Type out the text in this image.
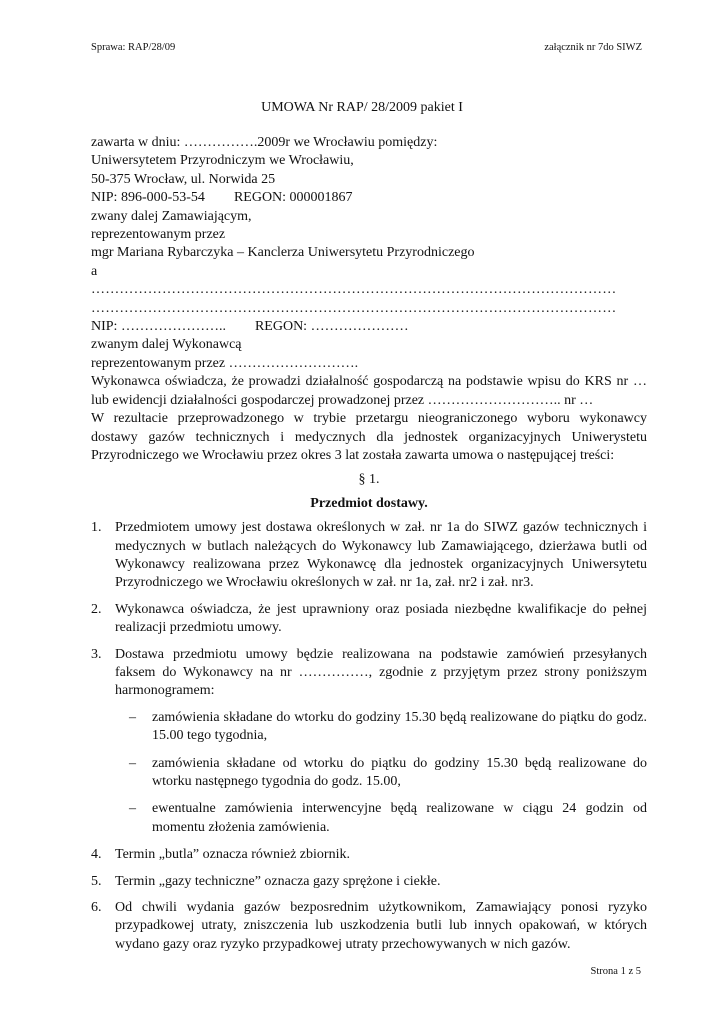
Sprawa: RAP/28/09	załącznik nr 7do SIWZ
UMOWA Nr RAP/ 28/2009 pakiet I
zawarta w dniu: …………….2009r we Wrocławiu pomiędzy:
Uniwersytetem Przyrodniczym we Wrocławiu,
50-375 Wrocław, ul. Norwida 25
NIP: 896-000-53-54 REGON: 000001867
zwany dalej Zamawiającym,
reprezentowanym przez
mgr Mariana Rybarczyka – Kanclerza Uniwersytetu Przyrodniczego
a
…………………………………………………………………………………………………
…………………………………………………………………………………………………
NIP: ………………….. REGON: …………………
zwanym dalej Wykonawcą
reprezentowanym przez ……………………….
Wykonawca oświadcza, że prowadzi działalność gospodarczą na podstawie wpisu do KRS nr … lub ewidencji działalności gospodarczej prowadzonej przez ……………………….. nr …
W rezultacie przeprowadzonego w trybie przetargu nieograniczonego wyboru wykonawcy dostawy gazów technicznych i medycznych dla jednostek organizacyjnych Uniwerystetu Przyrodniczego we Wrocławiu przez okres 3 lat została zawarta umowa o następującej treści:
§ 1.
Przedmiot dostawy.
1. Przedmiotem umowy jest dostawa określonych w zał. nr 1a do SIWZ gazów technicznych i medycznych w butlach należących do Wykonawcy lub Zamawiającego, dzierżawa butli od Wykonawcy realizowana przez Wykonawcę dla jednostek organizacyjnych Uniwersytetu Przyrodniczego we Wrocławiu określonych w zał. nr 1a, zał. nr2 i zał. nr3.
2. Wykonawca oświadcza, że jest uprawniony oraz posiada niezbędne kwalifikacje do pełnej realizacji przedmiotu umowy.
3. Dostawa przedmiotu umowy będzie realizowana na podstawie zamówień przesyłanych faksem do Wykonawcy na nr ……………, zgodnie z przyjętym przez strony poniższym harmonogramem:
– zamówienia składane do wtorku do godziny 15.30 będą realizowane do piątku do godz. 15.00 tego tygodnia,
– zamówienia składane od wtorku do piątku do godziny 15.30 będą realizowane do wtorku następnego tygodnia do godz. 15.00,
– ewentualne zamówienia interwencyjne będą realizowane w ciągu 24 godzin od momentu złożenia zamówienia.
4. Termin „butla” oznacza również zbiornik.
5. Termin „gazy techniczne” oznacza gazy sprężone i ciekłe.
6. Od chwili wydania gazów bezposrednim użytkownikom, Zamawiający ponosi ryzyko przypadkowej utraty, zniszczenia lub uszkodzenia butli lub innych opakowań, w których wydano gazy oraz ryzyko przypadkowej utraty przechowywanych w nich gazów.
Strona 1 z 5
